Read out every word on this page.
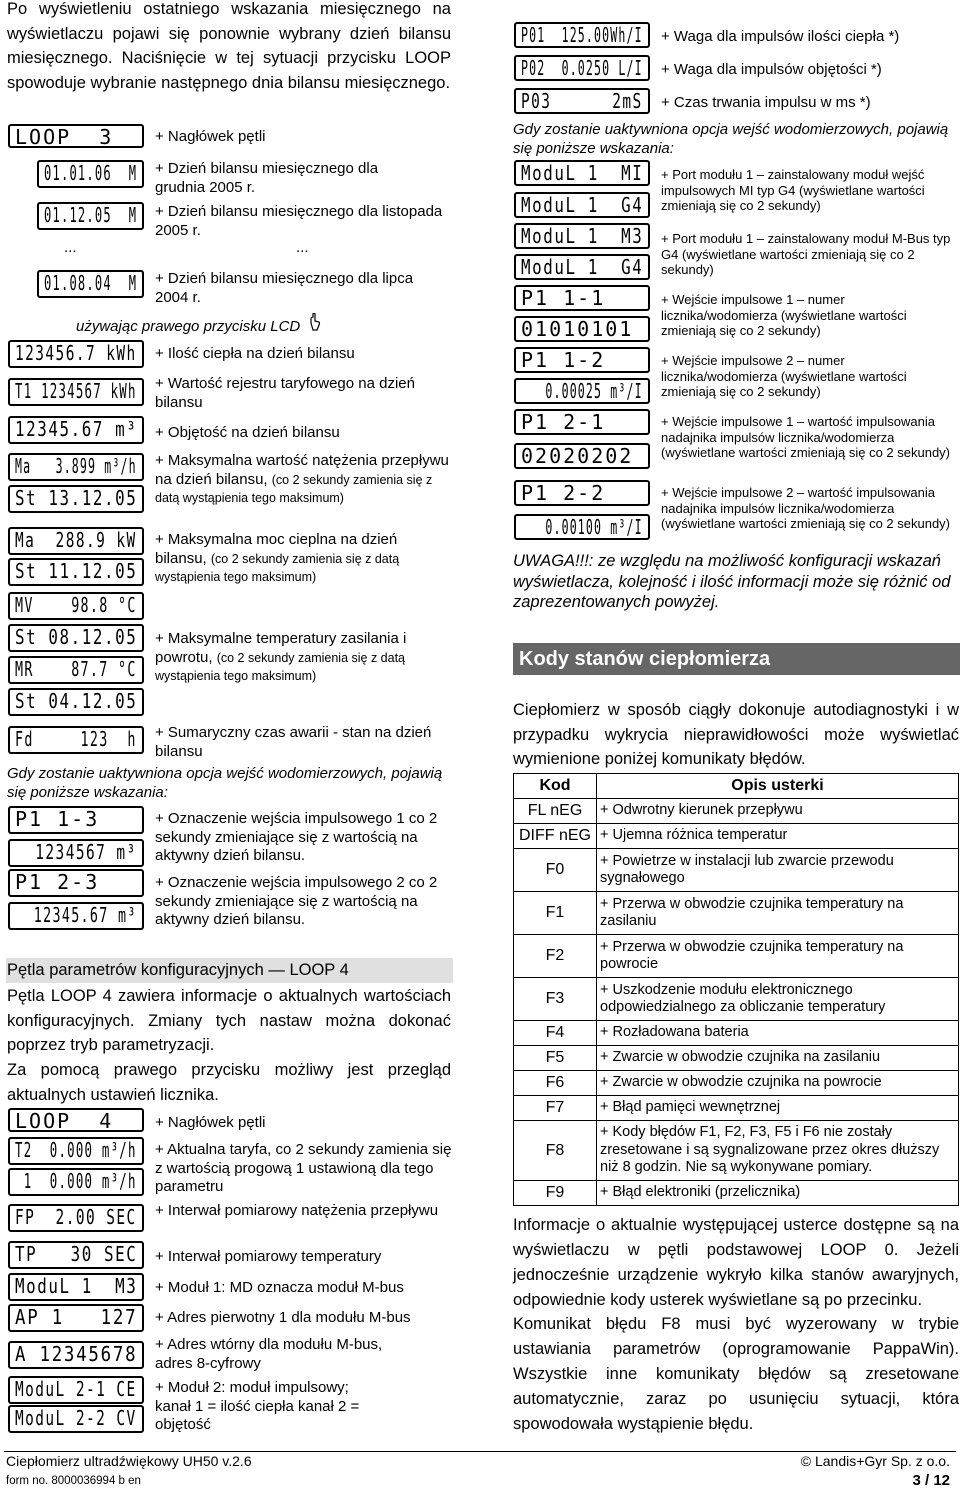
Po wyświetleniu ostatniego wskazania miesięcznego na wyświetlaczu pojawi się ponownie wybrany dzień bilansu miesięcznego. Naciśnięcie w tej sytuacji przycisku LOOP spowoduje wybranie następnego dnia bilansu miesięcznego.
LOOP  3	+ Nagłówek pętli
01.01.06  M	+ Dzień bilansu miesięcznego dla grudnia 2005 r.
01.12.05  M	+ Dzień bilansu miesięcznego dla listopada 2005 r.
...	...
01.08.04  M	+ Dzień bilansu miesięcznego dla lipca 2004 r.
używając prawego przycisku LCD
123456.7 kWh	+ Ilość ciepła na dzień bilansu
T1 1234567 kWh	+ Wartość rejestru taryfowego na dzień bilansu
12345.67 m³	+ Objętość na dzień bilansu
Ma   3.899 m³/h	+ Maksymalna wartość natężenia przepływu na dzień bilansu, (co 2 sekundy zamienia się z datą wystąpienia tego maksimum)
St 13.12.05
Ma  288.9 kW	+ Maksymalna moc cieplna na dzień bilansu, (co 2 sekundy zamienia się z datą wystąpienia tego maksimum)
St 11.12.05
MV    98.8 °C
St 08.12.05	+ Maksymalne temperatury zasilania i powrotu, (co 2 sekundy zamienia się z datą wystąpienia tego maksimum)
MR    87.7 °C
St 04.12.05
Fd     123  h	+ Sumaryczny czas awarii - stan na dzień bilansu
Gdy zostanie uaktywniona opcja wejść wodomierzowych, pojawią się poniższe wskazania:
P1 1-3	+ Oznaczenie wejścia impulsowego 1 co 2 sekundy zmieniające się z wartością na aktywny dzień bilansu.
1234567 m³
P1 2-3	+ Oznaczenie wejścia impulsowego 2 co 2 sekundy zmieniające się z wartością na aktywny dzień bilansu.
12345.67 m³
Pętla parametrów konfiguracyjnych — LOOP 4
Pętla LOOP 4 zawiera informacje o aktualnych wartościach konfiguracyjnych. Zmiany tych nastaw można dokonać poprzez tryb parametryzacji.
Za pomocą prawego przycisku możliwy jest przegląd aktualnych ustawień licznika.
LOOP  4	+ Nagłówek pętli
T2  0.000 m³/h	+ Aktualna taryfa, co 2 sekundy zamienia się z wartością progową 1 ustawioną dla tego parametru
1  0.000 m³/h
FP  2.00 SEC	+ Interwał pomiarowy natężenia przepływu
TP   30 SEC	+ Interwał pomiarowy temperatury
ModuL 1  M3	+ Moduł 1: MD oznacza moduł M-bus
AP 1   127	+ Adres pierwotny 1 dla modułu M-bus
A 12345678	+ Adres wtórny dla modułu M-bus, adres 8-cyfrowy
ModuL 2-1 CE	+ Moduł 2: moduł impulsowy; kanał 1 = ilość ciepła kanał 2 = objętość
ModuL 2-2 CV
P01  125.00Wh/I	+ Waga dla impulsów ilości ciepła *)
P02  0.0250 L/I	+ Waga dla impulsów objętości *)
P03      2mS	+ Czas trwania impulsu w ms *)
Gdy zostanie uaktywniona opcja wejść wodomierzowych, pojawią się poniższe wskazania:
ModuL 1  MI	+ Port modułu 1 – zainstalowany moduł wejść impulsowych MI typ G4 (wyświetlane wartości zmieniają się co 2 sekundy)
ModuL 1  G4
ModuL 1  M3	+ Port modułu 1 – zainstalowany moduł M-Bus typ G4 (wyświetlane wartości zmieniają się co 2 sekundy)
ModuL 1  G4
P1 1-1	+ Wejście impulsowe 1 – numer licznika/wodomierza (wyświetlane wartości zmieniają się co 2 sekundy)
01010101
P1 1-2	+ Wejście impulsowe 2 – numer licznika/wodomierza (wyświetlane wartości zmieniają się co 2 sekundy)
0.00025 m³/I
P1 2-1	+ Wejście impulsowe 1 – wartość impulsowania nadajnika impulsów licznika/wodomierza (wyświetlane wartości zmieniają się co 2 sekundy)
02020202
P1 2-2	+ Wejście impulsowe 2 – wartość impulsowania nadajnika impulsów licznika/wodomierza (wyświetlane wartości zmieniają się co 2 sekundy)
0.00100 m³/I
UWAGA!!!: ze względu na możliwość konfiguracji wskazań wyświetlacza, kolejność i ilość informacji może się różnić od zaprezentowanych powyżej.
Kody stanów ciepłomierza
Ciepłomierz w sposób ciągły dokonuje autodiagnostyki i w przypadku wykrycia nieprawidłowości może wyświetlać wymienione poniżej komunikaty błędów.
Kod	Opis usterki
FL nEG	+ Odwrotny kierunek przepływu
DIFF nEG	+ Ujemna różnica temperatur
F0	+ Powietrze w instalacji lub zwarcie przewodu sygnałowego
F1	+ Przerwa w obwodzie czujnika temperatury na zasilaniu
F2	+ Przerwa w obwodzie czujnika temperatury na powrocie
F3	+ Uszkodzenie modułu elektronicznego odpowiedzialnego za obliczanie temperatury
F4	+ Rozładowana bateria
F5	+ Zwarcie w obwodzie czujnika na zasilaniu
F6	+ Zwarcie w obwodzie czujnika na powrocie
F7	+ Błąd pamięci wewnętrznej
F8	+ Kody błędów F1, F2, F3, F5 i F6 nie zostały zresetowane i są sygnalizowane przez okres dłuższy niż 8 godzin. Nie są wykonywane pomiary.
F9	+ Błąd elektroniki (przelicznika)
Informacje o aktualnie występującej usterce dostępne są na wyświetlaczu w pętli podstawowej LOOP 0. Jeżeli jednocześnie urządzenie wykryło kilka stanów awaryjnych, odpowiednie kody usterek wyświetlane są po przecinku.
Komunikat błędu F8 musi być wyzerowany w trybie ustawiania parametrów (oprogramowanie PappaWin). Wszystkie inne komunikaty błędów są zresetowane automatycznie, zaraz po usunięciu sytuacji, która spowodowała wystąpienie błędu.
Ciepłomierz ultradźwiękowy UH50 v.2.6	© Landis+Gyr Sp. z o.o.
form no. 8000036994 b en	3 / 12
